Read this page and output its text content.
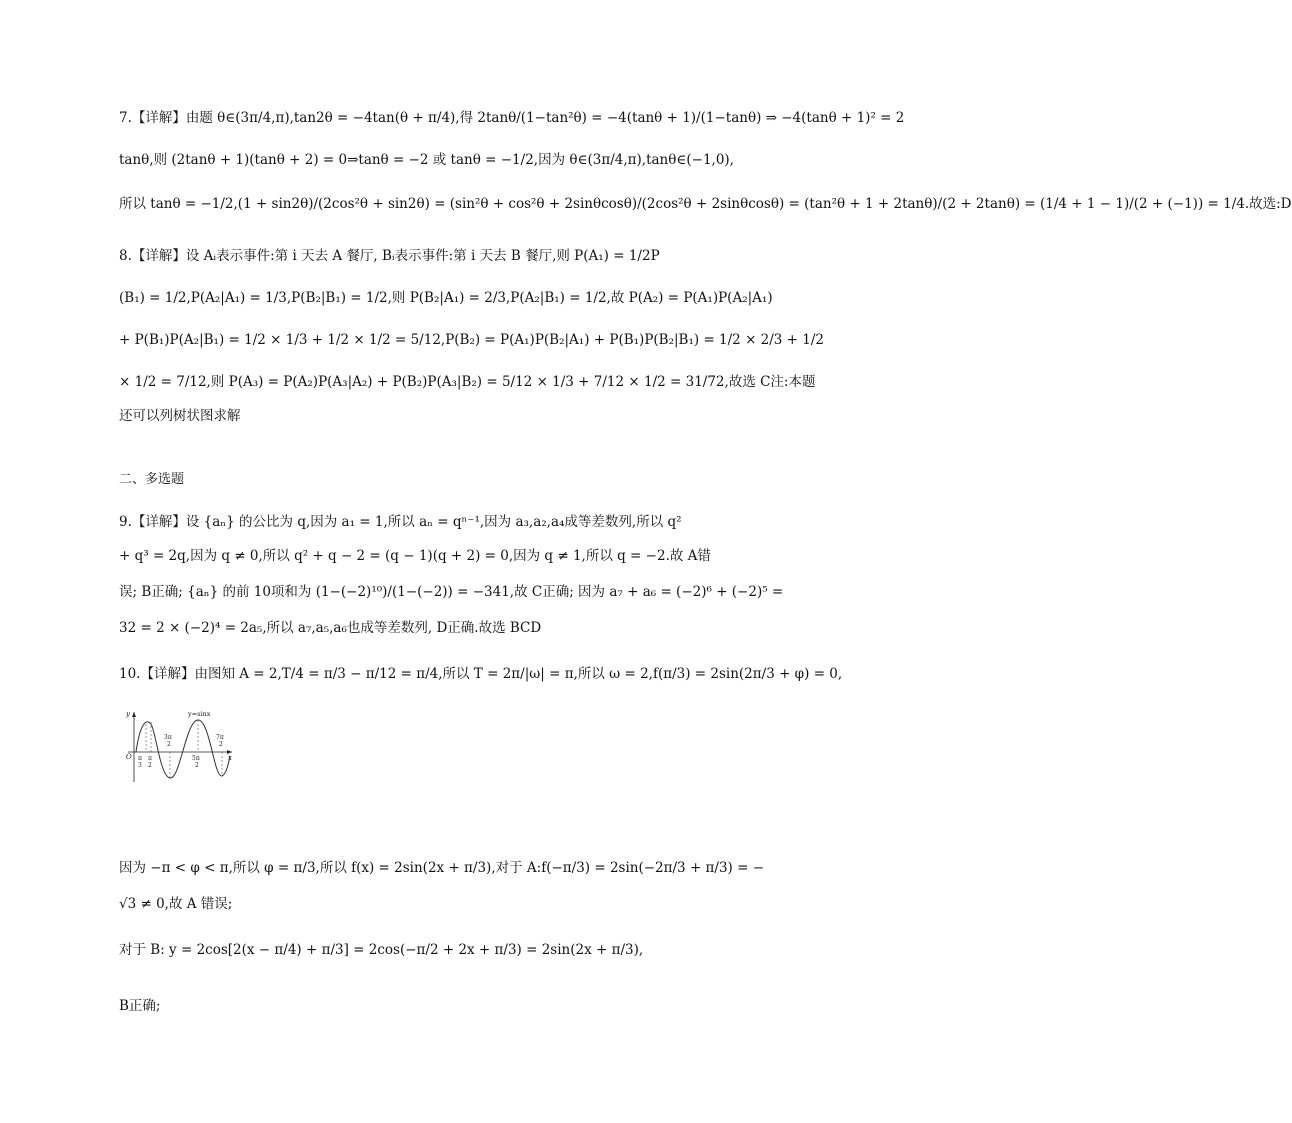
7.【详解】由题 θ∈(3π/4,π),tan2θ = −4tan(θ + π/4),得 2tanθ/(1−tan²θ) = −4(tanθ + 1)/(1−tanθ) ⇒ −4(tanθ + 1)² = 2
tanθ,则 (2tanθ + 1)(tanθ + 2) = 0⇒tanθ = −2 或 tanθ = −1/2,因为 θ∈(3π/4,π),tanθ∈(−1,0),
所以 tanθ = −1/2,(1 + sin2θ)/(2cos²θ + sin2θ) = (sin²θ + cos²θ + 2sinθcosθ)/(2cos²θ + 2sinθcosθ) = (tan²θ + 1 + 2tanθ)/(2 + 2tanθ) = (1/4 + 1 − 1)/(2 + (−1)) = 1/4.故选:D
8.【详解】设 Aᵢ表示事件:第 i 天去 A 餐厅, Bᵢ表示事件:第 i 天去 B 餐厅,则 P(A₁) = 1/2P
(B₁) = 1/2,P(A₂|A₁) = 1/3,P(B₂|B₁) = 1/2,则 P(B₂|A₁) = 2/3,P(A₂|B₁) = 1/2,故 P(A₂) = P(A₁)P(A₂|A₁)
+ P(B₁)P(A₂|B₁) = 1/2 × 1/3 + 1/2 × 1/2 = 5/12,P(B₂) = P(A₁)P(B₂|A₁) + P(B₁)P(B₂|B₁) = 1/2 × 2/3 + 1/2
× 1/2 = 7/12,则 P(A₃) = P(A₂)P(A₃|A₂) + P(B₂)P(A₃|B₂) = 5/12 × 1/3 + 7/12 × 1/2 = 31/72,故选 C注:本题
还可以列树状图求解
二、多选题
9.【详解】设 {aₙ} 的公比为 q,因为 a₁ = 1,所以 aₙ = qⁿ⁻¹,因为 a₃,a₂,a₄成等差数列,所以 q²
+ q³ = 2q,因为 q ≠ 0,所以 q² + q − 2 = (q − 1)(q + 2) = 0,因为 q ≠ 1,所以 q = −2.故 A错
误; B正确; {aₙ} 的前 10项和为 (1−(−2)¹⁰)/(1−(−2)) = −341,故 C正确; 因为 a₇ + a₆ = (−2)⁶ + (−2)⁵ =
32 = 2 × (−2)⁴ = 2a₅,所以 a₇,a₅,a₆也成等差数列, D正确.故选 BCD
10.【详解】由图知 A = 2,T/4 = π/3 − π/12 = π/4,所以 T = 2π/|ω| = π,所以 ω = 2,f(π/3) = 2sin(2π/3 + φ) = 0,
y
x
O
y=sinx
3π
2
7π
2
π
3
π
2
5π
2
因为 −π < φ < π,所以 φ = π/3,所以 f(x) = 2sin(2x + π/3),对于 A:f(−π/3) = 2sin(−2π/3 + π/3) = −
√3 ≠ 0,故 A 错误;
对于 B: y = 2cos[2(x − π/4) + π/3] = 2cos(−π/2 + 2x + π/3) = 2sin(2x + π/3),
B正确;
